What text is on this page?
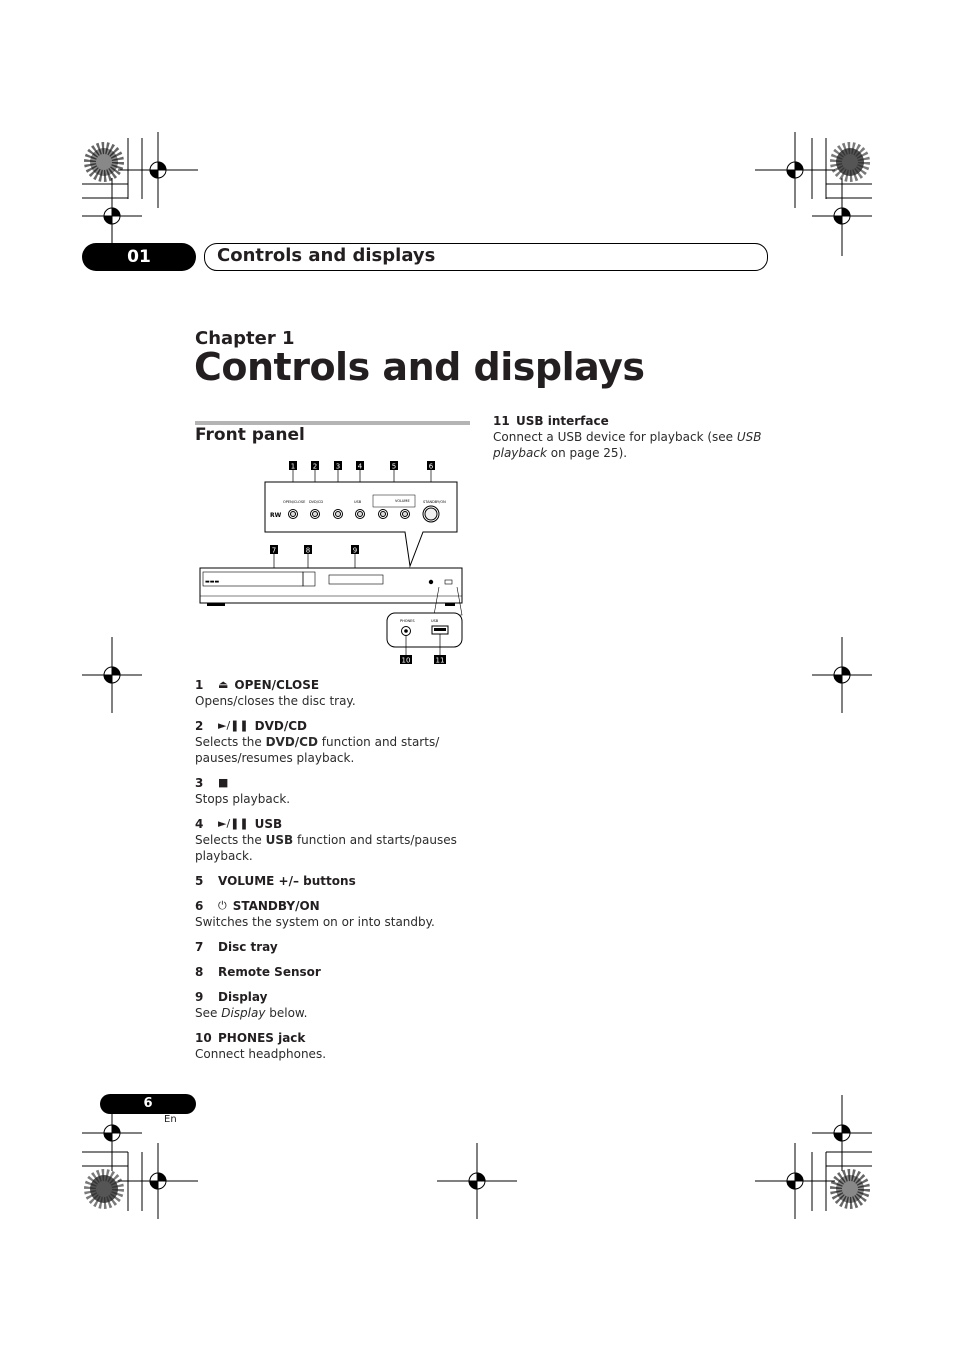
01	Controls and displays
Chapter 1
Controls and displays
Front panel
1	2	3	4	5	6
RW
OPEN/CLOSE DVD/CD	USB	VOLUME	STANDBY/ON
7	8	9
▬▬▬
PHONES	USB
10	11
1	⏏ OPEN/CLOSE
Opens/closes the disc tray.
2	►/❚❚ DVD/CD
Selects the DVD/CD function and starts/ pauses/resumes playback.
3	■
Stops playback.
4	►/❚❚ USB
Selects the USB function and starts/pauses playback.
5	VOLUME +/– buttons
6	⏻ STANDBY/ON
Switches the system on or into standby.
7	Disc tray
8	Remote Sensor
9	Display
See Display below.
10 PHONES jack
Connect headphones.
11 USB interface
Connect a USB device for playback (see USB playback on page 25).
6
En
